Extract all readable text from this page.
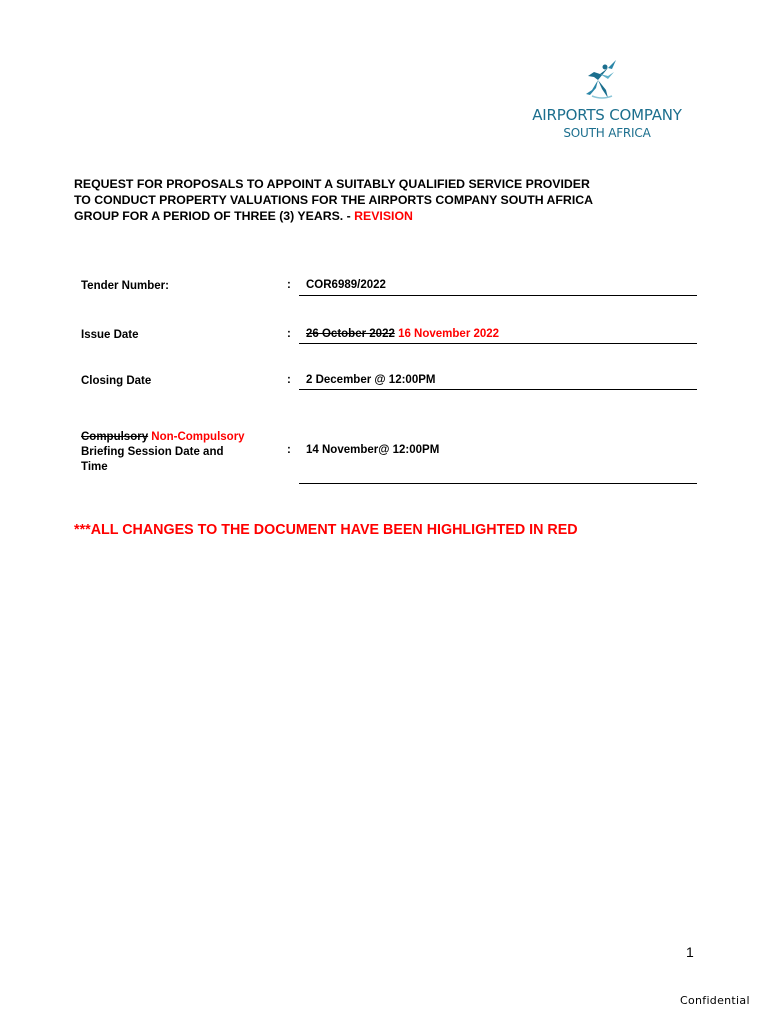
AIRPORTS COMPANY
SOUTH AFRICA
REQUEST FOR PROPOSALS TO APPOINT A SUITABLY QUALIFIED SERVICE PROVIDER
TO CONDUCT PROPERTY VALUATIONS FOR THE AIRPORTS COMPANY SOUTH AFRICA
GROUP FOR A PERIOD OF THREE (3) YEARS. - REVISION
Tender Number:	: COR6989/2022
Issue Date	: 26 October 2022 16 November 2022
Closing Date	: 2 December @ 12:00PM
Compulsory Non-Compulsory
Briefing Session Date and
Time
: 14 November@ 12:00PM
***ALL CHANGES TO THE DOCUMENT HAVE BEEN HIGHLIGHTED IN RED
1
Confidential
